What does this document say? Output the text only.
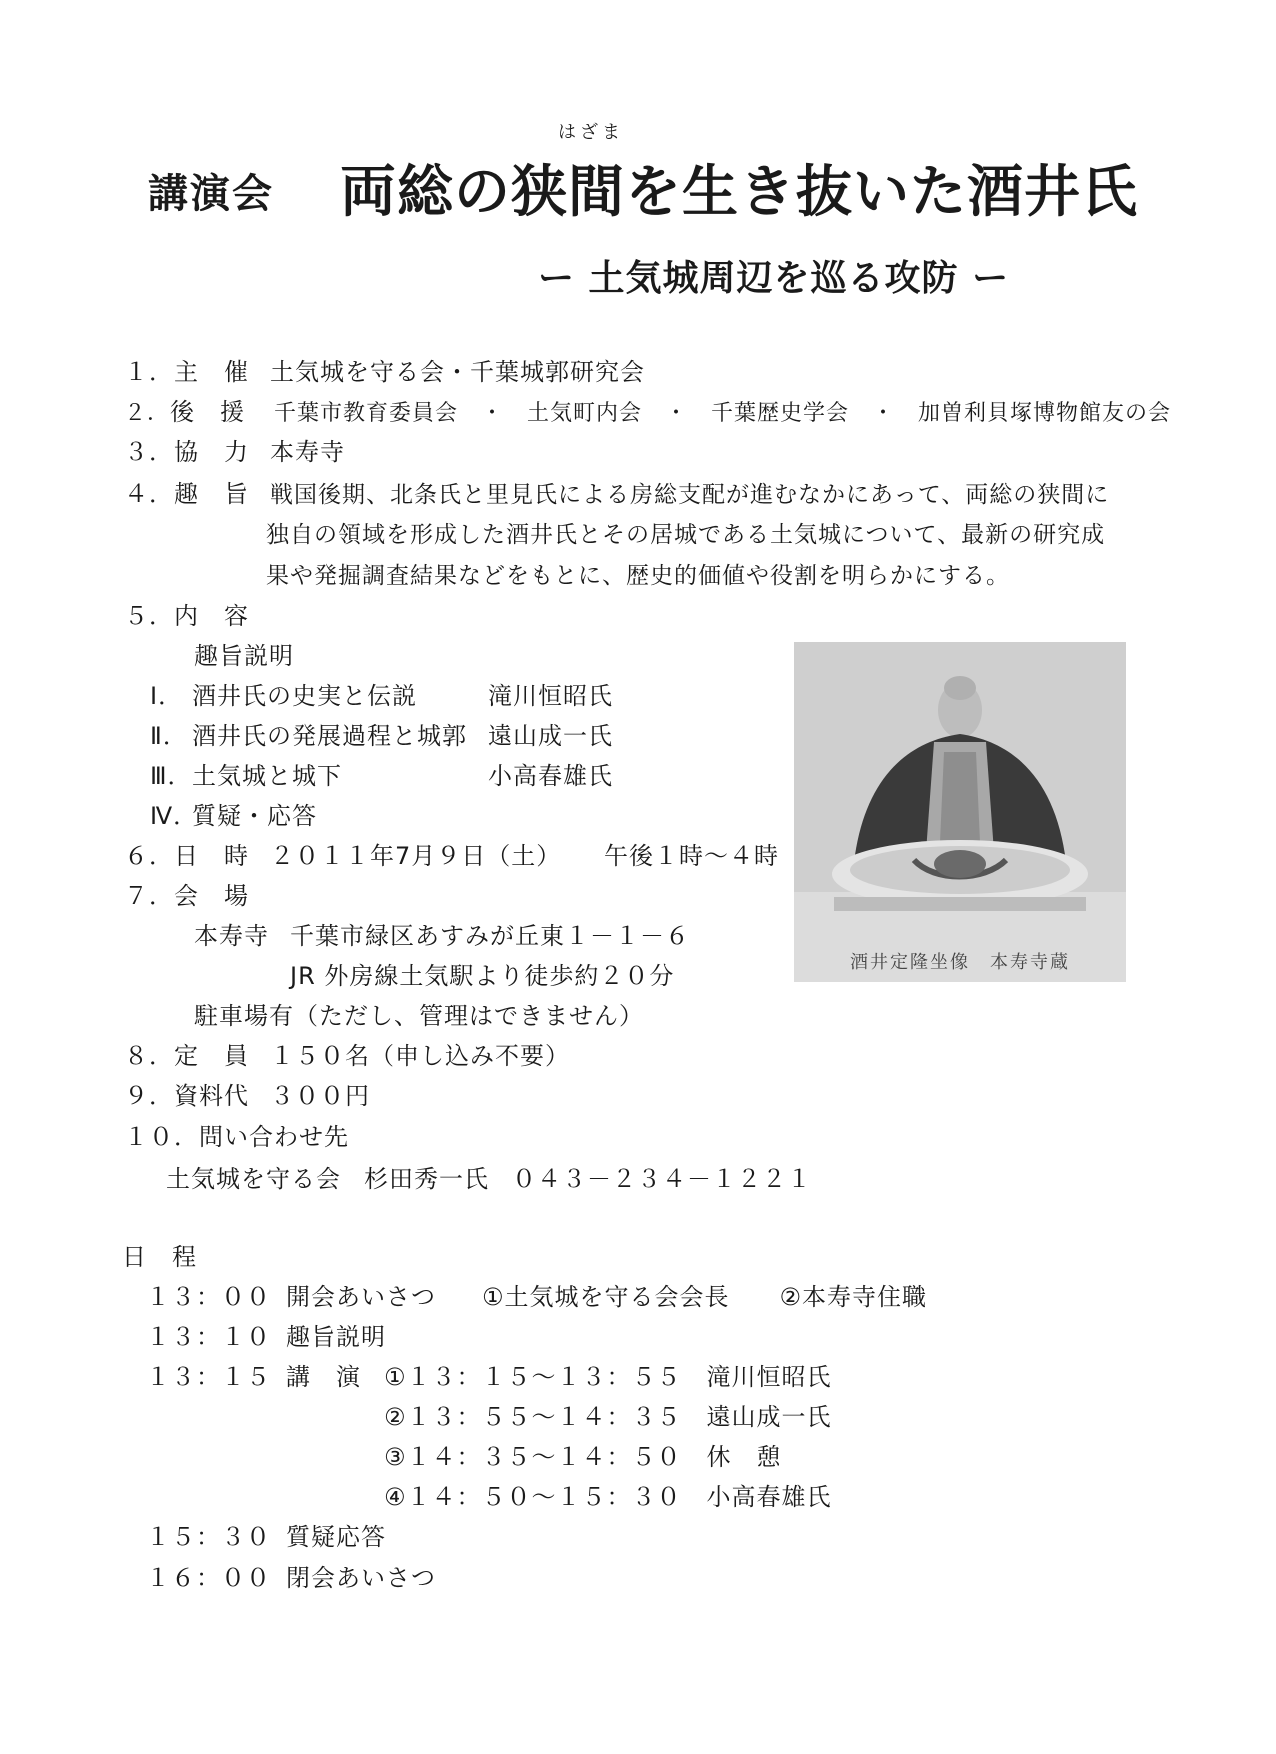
はざま
講演会 両総の狭間を生き抜いた酒井氏
ー 土気城周辺を巡る攻防 ー
１．主　催 土気城を守る会・千葉城郭研究会
２．後　援 千葉市教育委員会　・　土気町内会　・　千葉歴史学会　・　加曽利貝塚博物館友の会
３．協　力 本寿寺
４．趣　旨 戦国後期、北条氏と里見氏による房総支配が進むなかにあって、両総の狭間に
独自の領域を形成した酒井氏とその居城である土気城について、最新の研究成
果や発掘調査結果などをもとに、歴史的価値や役割を明らかにする。
５．内　容
趣旨説明
Ⅰ． 酒井氏の史実と伝説	滝川恒昭氏
Ⅱ． 酒井氏の発展過程と城郭 遠山成一氏
Ⅲ．土気城と城下	小高春雄氏
Ⅳ．質疑・応答
６．日　時 ２０１１年7月９日（土） 午後１時～４時
７．会　場
本寿寺 千葉市緑区あすみが丘東１－１－６
JR 外房線土気駅より徒歩約２０分
駐車場有（ただし、管理はできません）
８．定　員 １５０名（申し込み不要）
９．資料代 ３００円
１０．問い合わせ先
土気城を守る会 杉田秀一氏 ０４３－２３４－１２２１
日　程
１３：００ 開会あいさつ ①土気城を守る会会長　　②本寿寺住職
１３：１０ 趣旨説明
１３：１５ 講　演 ①１３：１５～１３：５５　滝川恒昭氏
②１３：５５～１４：３５　遠山成一氏
③１４：３５～１４：５０　休　憩
④１４：５０～１５：３０　小高春雄氏
１５：３０ 質疑応答
１６：００ 閉会あいさつ
酒井定隆坐像　本寿寺蔵
